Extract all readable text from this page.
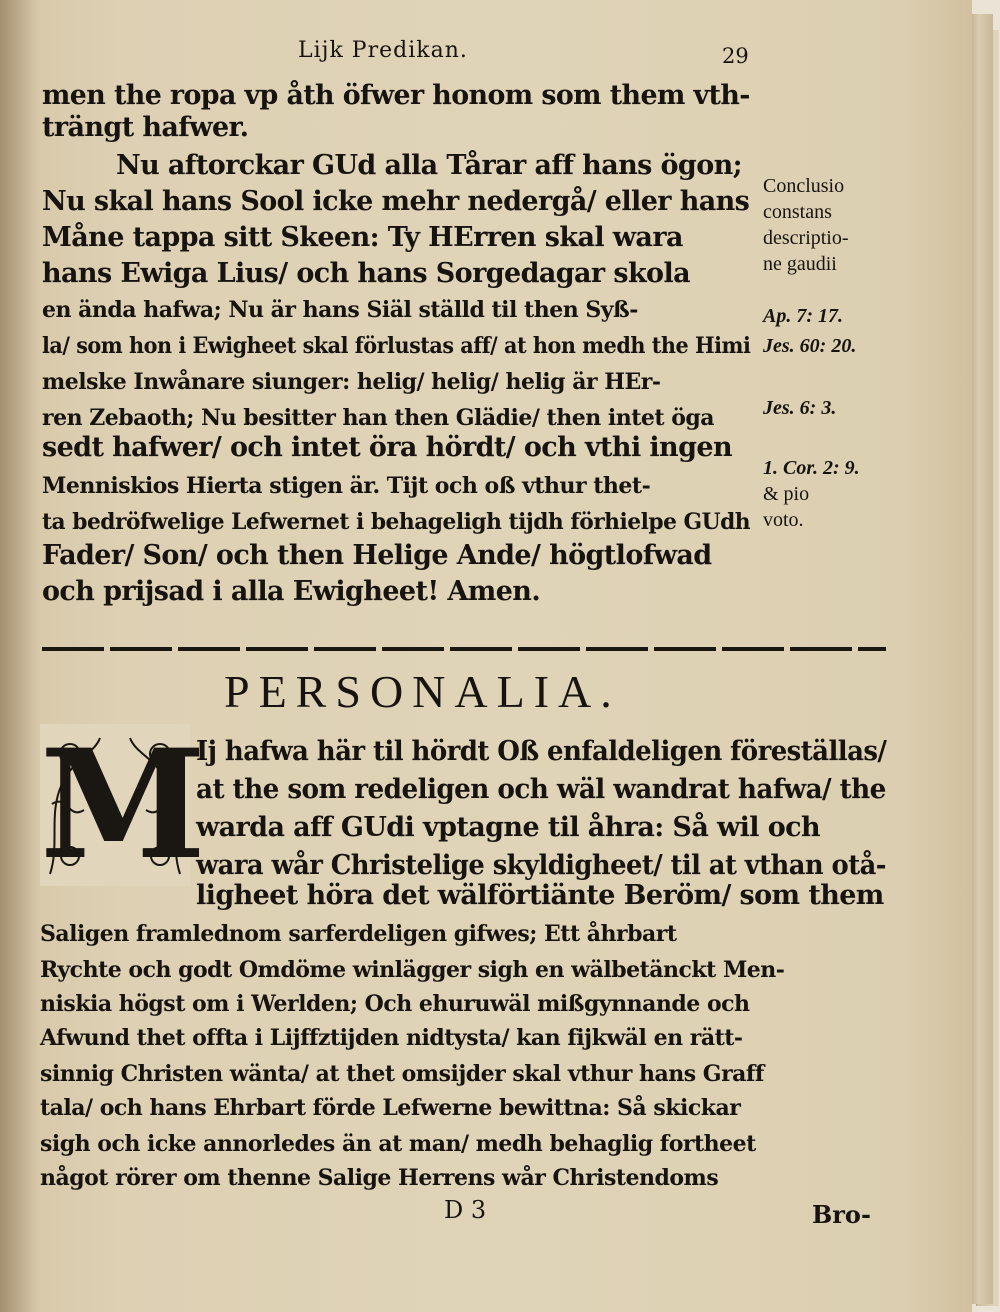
Lijk Predikan.	29
men the ropa vp åth öfwer honom som them vth-
trängt hafwer.
Nu aftorckar GUd alla Tårar aff hans ögon;
Nu skal hans Sool icke mehr nedergå/ eller hans
Måne tappa sitt Skeen: Ty HErren skal wara
hans Ewiga Lius/ och hans Sorgedagar skola
en ända hafwa; Nu är hans Siäl ställd til then Syß-
la/ som hon i Ewigheet skal förlustas aff/ at hon medh the Himi
melske Inwånare siunger: helig/ helig/ helig är HEr-
ren Zebaoth; Nu besitter han then Glädie/ then intet öga
sedt hafwer/ och intet öra hördt/ och vthi ingen
Menniskios Hierta stigen är. Tijt och oß vthur thet-
ta bedröfwelige Lefwernet i behageligh tijdh förhielpe GUdh
Fader/ Son/ och then Helige Ande/ högtlofwad
och prijsad i alla Ewigheet! Amen.
Conclusio
constans
descriptio-
ne gaudii
Ap. 7: 17.
Jes. 60: 20.
Jes. 6: 3.
1. Cor. 2: 9.
& pio
voto.
PERSONALIA.
M
Ij hafwa här til hördt Oß enfaldeligen föreställas/
at the som redeligen och wäl wandrat hafwa/ the
warda aff GUdi vptagne til åhra: Så wil och
wara wår Christelige skyldigheet/ til at vthan otå-
ligheet höra det wälförtiänte Beröm/ som them
Saligen framlednom sarferdeligen gifwes; Ett åhrbart
Rychte och godt Omdöme winlägger sigh en wälbetänckt Men-
niskia högst om i Werlden; Och ehuruwäl mißgynnande och
Afwund thet offta i Lijffztijden nidtysta/ kan fijkwäl en rätt-
sinnig Christen wänta/ at thet omsijder skal vthur hans Graff
tala/ och hans Ehrbart förde Lefwerne bewittna: Så skickar
sigh och icke annorledes än at man/ medh behaglig fortheet
något rörer om thenne Salige Herrens wår Christendoms
D 3	Bro-
